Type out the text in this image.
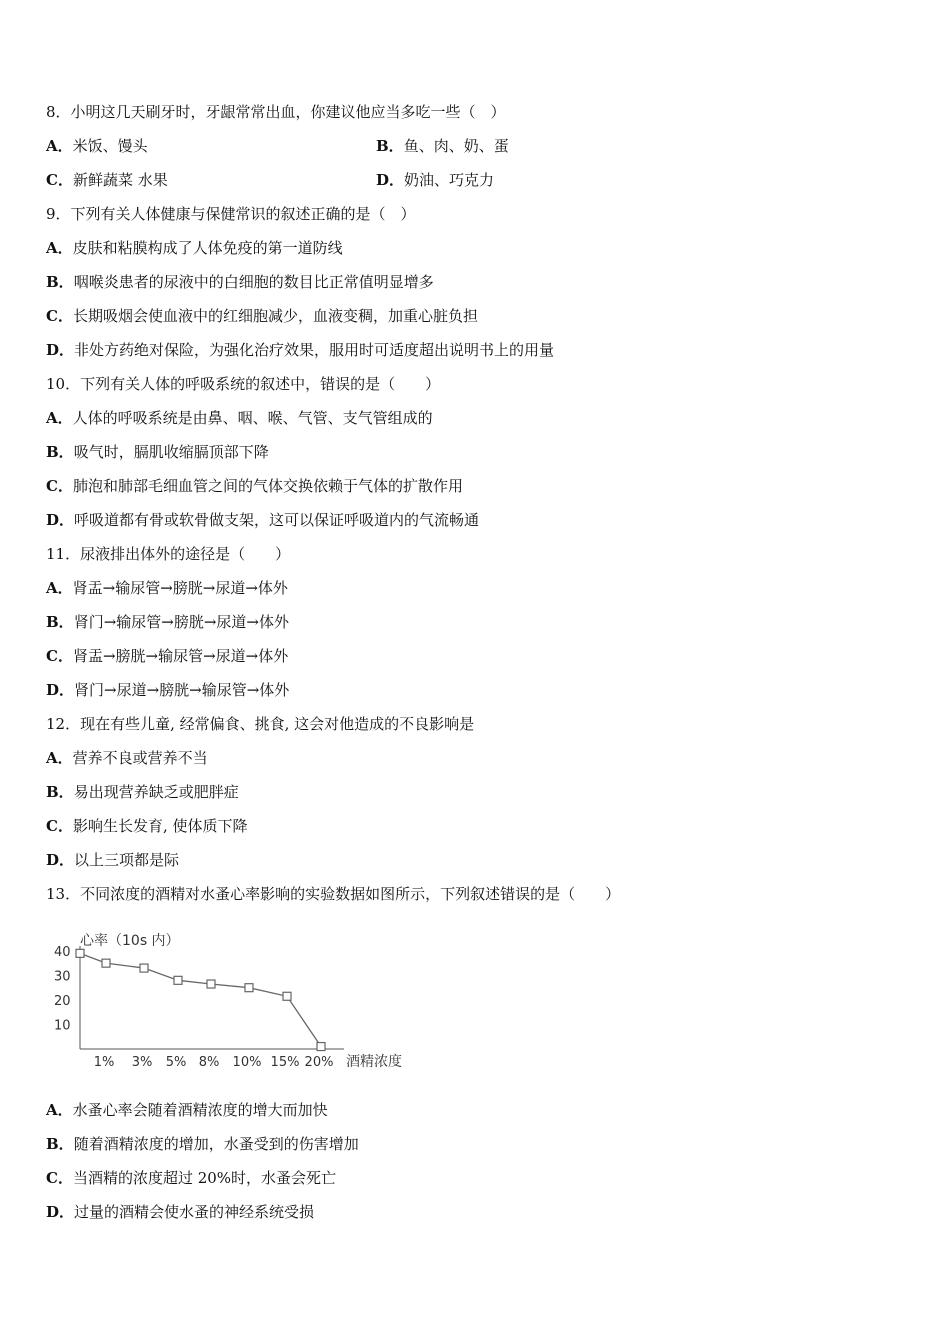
8．小明这几天刷牙时，牙龈常常出血，你建议他应当多吃一些（　）
A．米饭、馒头	B．鱼、肉、奶、蛋
C．新鲜蔬菜 水果	D．奶油、巧克力
9．下列有关人体健康与保健常识的叙述正确的是（　）
A．皮肤和粘膜构成了人体免疫的第一道防线
B．咽喉炎患者的尿液中的白细胞的数目比正常值明显增多
C．长期吸烟会使血液中的红细胞减少，血液变稠，加重心脏负担
D．非处方药绝对保险，为强化治疗效果，服用时可适度超出说明书上的用量
10．下列有关人体的呼吸系统的叙述中，错误的是（　　）
A．人体的呼吸系统是由鼻、咽、喉、气管、支气管组成的
B．吸气时，膈肌收缩膈顶部下降
C．肺泡和肺部毛细血管之间的气体交换依赖于气体的扩散作用
D．呼吸道都有骨或软骨做支架，这可以保证呼吸道内的气流畅通
11．尿液排出体外的途径是（　　）
A．肾盂→输尿管→膀胱→尿道→体外
B．肾门→输尿管→膀胱→尿道→体外
C．肾盂→膀胱→输尿管→尿道→体外
D．肾门→尿道→膀胱→输尿管→体外
12．现在有些儿童, 经常偏食、挑食, 这会对他造成的不良影响是
A．营养不良或营养不当
B．易出现营养缺乏或肥胖症
C．影响生长发育, 使体质下降
D．以上三项都是际
13．不同浓度的酒精对水蚤心率影响的实验数据如图所示，下列叙述错误的是（　　）
心率（10s 内）
酒精浓度
10
20
30
40
1% 3% 5% 8% 10% 15% 20%
A．水蚤心率会随着酒精浓度的增大而加快
B．随着酒精浓度的增加，水蚤受到的伤害增加
C．当酒精的浓度超过 20%时，水蚤会死亡
D．过量的酒精会使水蚤的神经系统受损
